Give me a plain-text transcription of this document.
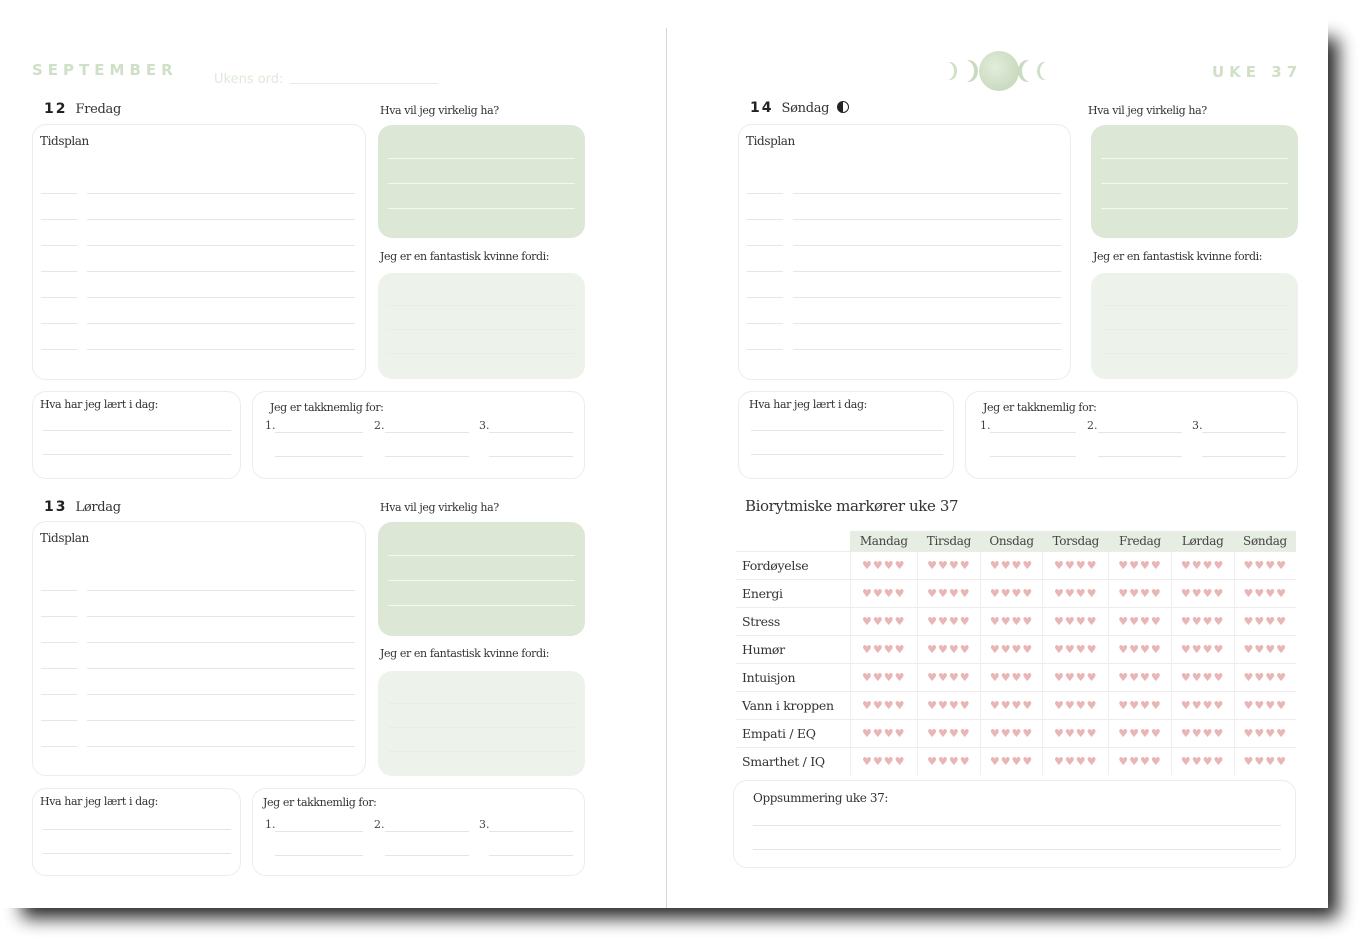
SEPTEMBER
Ukens ord:	UKE 37
12 Fredag	Hva vil jeg virkelig ha?
Tidsplan
Jeg er en fantastisk kvinne fordi:
Hva har jeg lært i dag:	Jeg er takknemlig for:
1.	2.	3.
13 Lørdag	Hva vil jeg virkelig ha?
Tidsplan
Jeg er en fantastisk kvinne fordi:
Hva har jeg lært i dag:	Jeg er takknemlig for:
1.	2.	3.
14 Søndag	Hva vil jeg virkelig ha?
Tidsplan
Jeg er en fantastisk kvinne fordi:
Hva har jeg lært i dag:	Jeg er takknemlig for:
1.	2.	3.
Biorytmiske markører uke 37
	Mandag	Tirsdag	Onsdag	Torsdag	Fredag	Lørdag	Søndag
Fordøyelse	♥♥♥♥	♥♥♥♥	♥♥♥♥	♥♥♥♥	♥♥♥♥	♥♥♥♥	♥♥♥♥
Energi	♥♥♥♥	♥♥♥♥	♥♥♥♥	♥♥♥♥	♥♥♥♥	♥♥♥♥	♥♥♥♥
Stress	♥♥♥♥	♥♥♥♥	♥♥♥♥	♥♥♥♥	♥♥♥♥	♥♥♥♥	♥♥♥♥
Humør	♥♥♥♥	♥♥♥♥	♥♥♥♥	♥♥♥♥	♥♥♥♥	♥♥♥♥	♥♥♥♥
Intuisjon	♥♥♥♥	♥♥♥♥	♥♥♥♥	♥♥♥♥	♥♥♥♥	♥♥♥♥	♥♥♥♥
Vann i kroppen	♥♥♥♥	♥♥♥♥	♥♥♥♥	♥♥♥♥	♥♥♥♥	♥♥♥♥	♥♥♥♥
Empati / EQ	♥♥♥♥	♥♥♥♥	♥♥♥♥	♥♥♥♥	♥♥♥♥	♥♥♥♥	♥♥♥♥
Smarthet / IQ	♥♥♥♥	♥♥♥♥	♥♥♥♥	♥♥♥♥	♥♥♥♥	♥♥♥♥	♥♥♥♥
Oppsummering uke 37:
